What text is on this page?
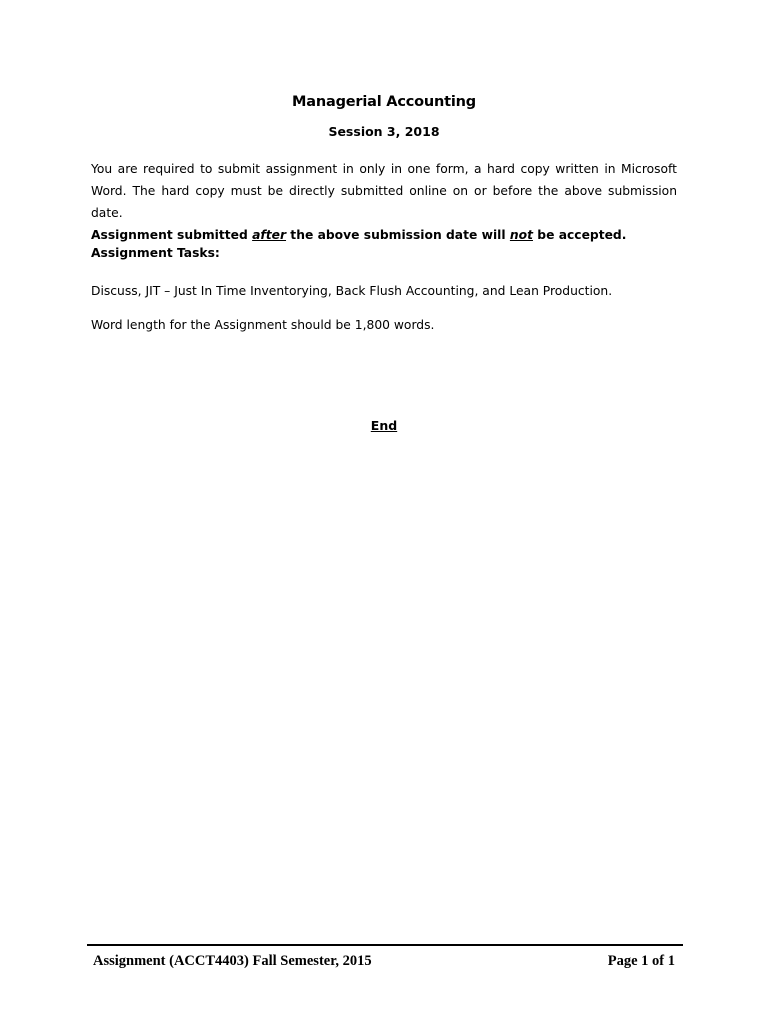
Managerial Accounting
Session 3, 2018
You are required to submit assignment in only in one form, a hard copy written in Microsoft
Word. The hard copy must be directly submitted online on or before the above submission date.
Assignment submitted after the above submission date will not be accepted.
Assignment Tasks:
Discuss, JIT – Just In Time Inventorying, Back Flush Accounting, and Lean Production.
Word length for the Assignment should be 1,800 words.
End
Assignment (ACCT4403) Fall Semester, 2015	Page 1 of 1
